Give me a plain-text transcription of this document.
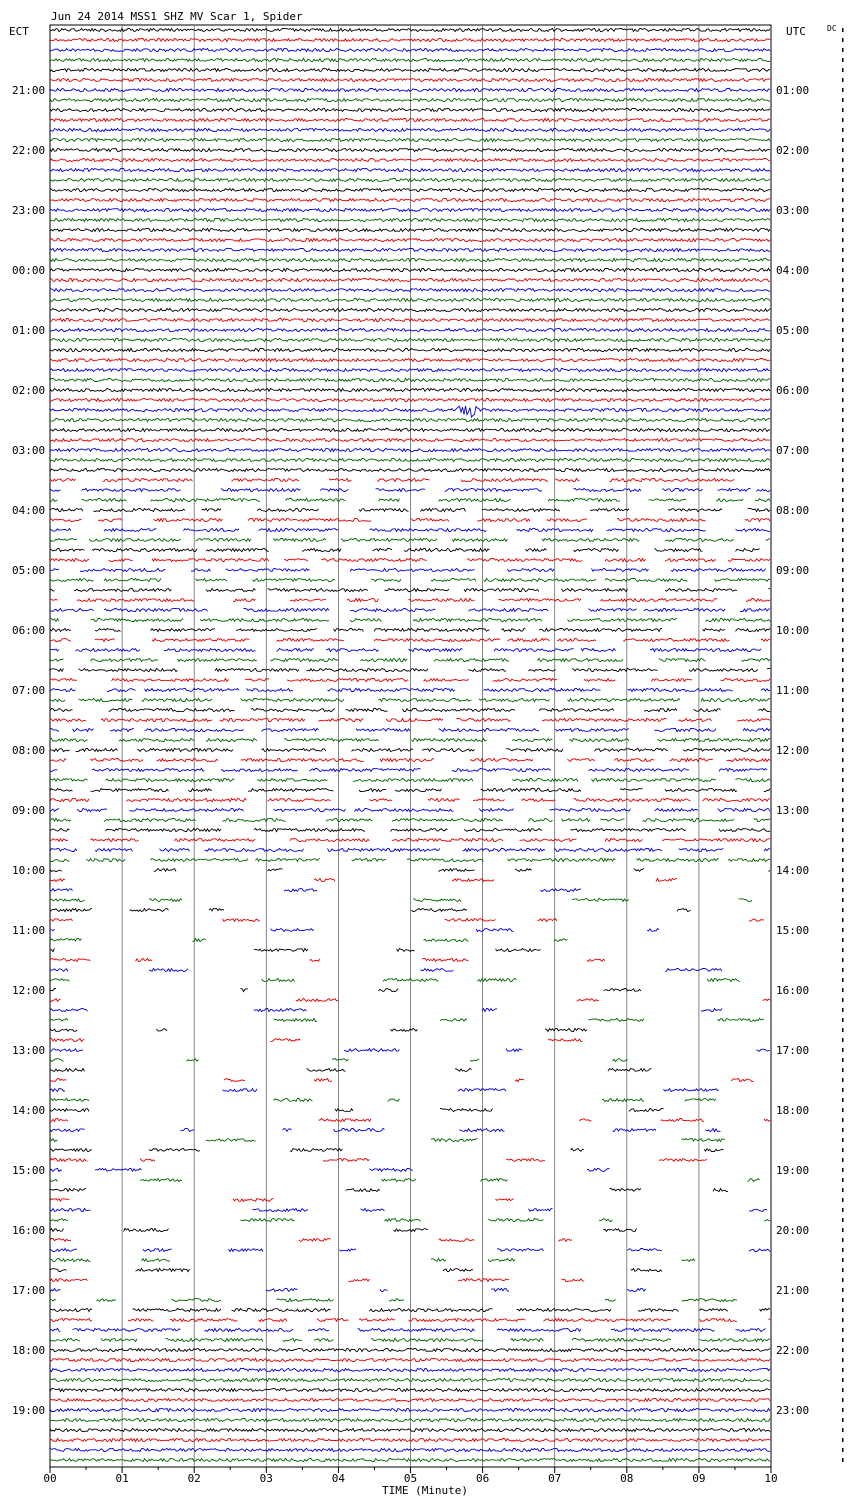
Jun 24 2014 MSS1 SHZ MV Scar 1, Spider
ECT	UTC	DC
TIME (Minute)
21:00
22:00
23:00
00:00
01:00
02:00
03:00
04:00
05:00
06:00
07:00
08:00
09:00
10:00
11:00
12:00
13:00
14:00
15:00
16:00
17:00
18:00
19:00
01:00
02:00
03:00
04:00
05:00
06:00
07:00
08:00
09:00
10:00
11:00
12:00
13:00
14:00
15:00
16:00
17:00
18:00
19:00
20:00
21:00
22:00
23:00
00	01	02	03	04	05	06	07	08	09	10
